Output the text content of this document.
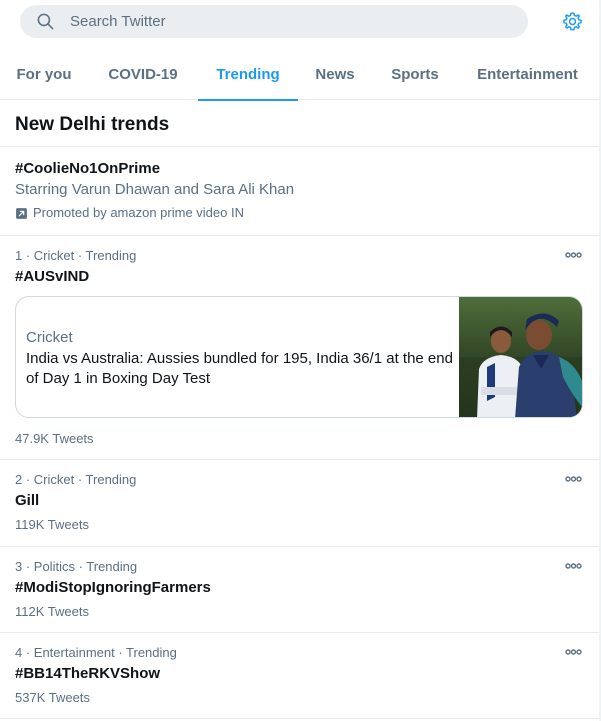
Search Twitter
For you	COVID-19	Trending	News	Sports	Entertainment
New Delhi trends
#CoolieNo1OnPrime
Starring Varun Dhawan and Sara Ali Khan
Promoted by amazon prime video IN
1 · Cricket · Trending
#AUSvIND
Cricket
India vs Australia: Aussies bundled for 195, India 36/1 at the end of Day 1 in Boxing Day Test
47.9K Tweets
2 · Cricket · Trending
Gill
119K Tweets
3 · Politics · Trending
#ModiStopIgnoringFarmers
112K Tweets
4 · Entertainment · Trending
#BB14TheRKVShow
537K Tweets
